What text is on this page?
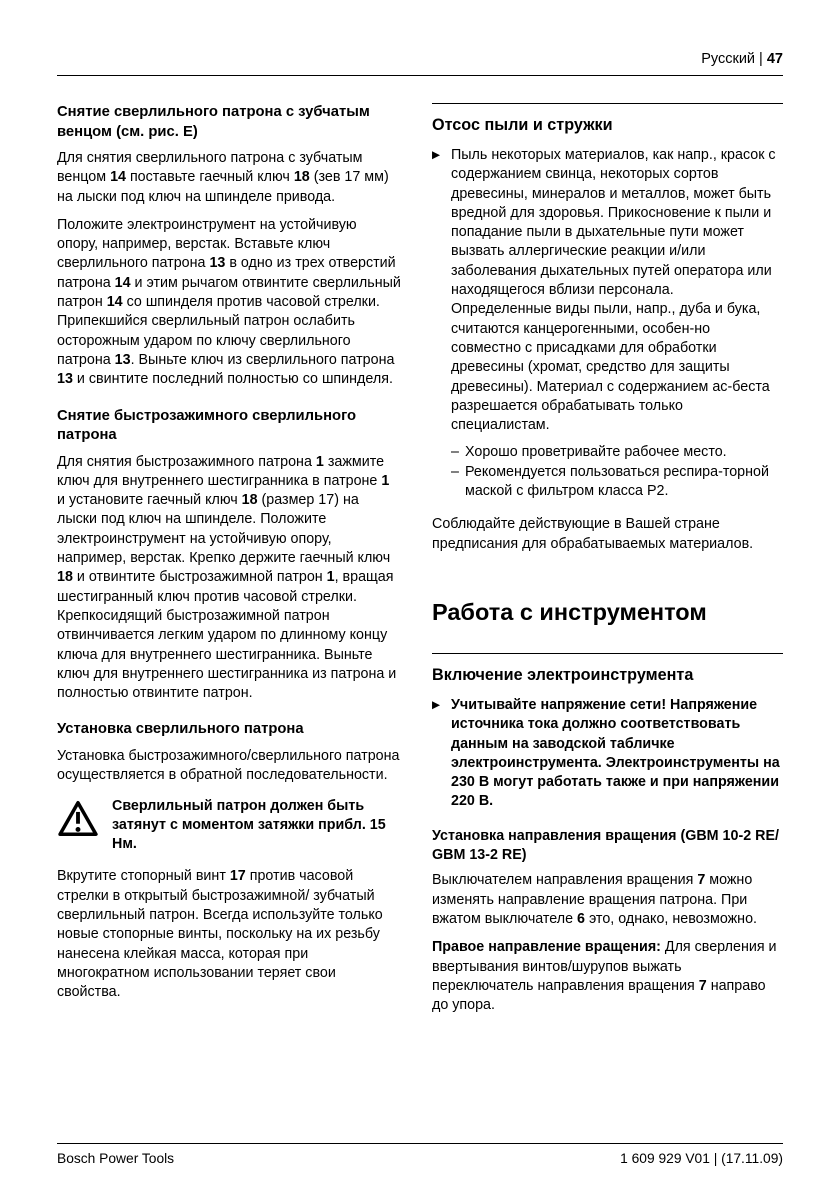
Русский | 47
Снятие сверлильного патрона с зубчатым венцом (см. рис. E)

Для снятия сверлильного патрона с зубчатым венцом 14 поставьте гаечный ключ 18 (зев 17 мм) на лыски под ключ на шпинделе привода.

Положите электроинструмент на устойчивую опору, например, верстак. Вставьте ключ сверлильного патрона 13 в одно из трех отверстий патрона 14 и этим рычагом отвинтите сверлильный патрон 14 со шпинделя против часовой стрелки. Припекшийся сверлильный патрон ослабить осторожным ударом по ключу сверлильного патрона 13. Выньте ключ из сверлильного патрона 13 и свинтите последний полностью со шпинделя.

Снятие быстрозажимного сверлильного патрона

Для снятия быстрозажимного патрона 1 зажмите ключ для внутреннего шестигранника в патроне 1 и установите гаечный ключ 18 (размер 17) на лыски под ключ на шпинделе. Положите электроинструмент на устойчивую опору, например, верстак. Крепко держите гаечный ключ 18 и отвинтите быстрозажимной патрон 1, вращая шестигранный ключ против часовой стрелки. Крепкосидящий быстрозажимной патрон отвинчивается легким ударом по длинному концу ключа для внутреннего шестигранника. Выньте ключ для внутреннего шестигранника из патрона и полностью отвинтите патрон.

Установка сверлильного патрона

Установка быстрозажимного/сверлильного патрона осуществляется в обратной последовательности.

Сверлильный патрон должен быть затянут с моментом затяжки прибл. 15 Нм.

Вкрутите стопорный винт 17 против часовой стрелки в открытый быстрозажимной/ зубчатый сверлильный патрон. Всегда используйте только новые стопорные винты, поскольку на их резьбу нанесена клейкая масса, которая при многократном использовании теряет свои свойства.

Отсос пыли и стружки
▶ Пыль некоторых материалов, как напр., красок с содержанием свинца, некоторых сортов древесины, минералов и металлов, может быть вредной для здоровья. Прикосновение к пыли и попадание пыли в дыхательные пути может вызвать аллергические реакции и/или заболевания дыхательных путей оператора или находящегося вблизи персонала.

Определенные виды пыли, напр., дуба и бука, считаются канцерогенными, особен-но совместно с присадками для обработки древесины (хромат, средство для защиты древесины). Материал с содержанием ас-беста разрешается обрабатывать только специалистам.

– Хорошо проветривайте рабочее место.
– Рекомендуется пользоваться респира-торной маской с фильтром класса P2.

Соблюдайте действующие в Вашей стране предписания для обрабатываемых материалов.

Работа с инструментом
Включение электроинструмента
▶ Учитывайте напряжение сети! Напряжение источника тока должно соответствовать данным на заводской табличке электроинструмента. Электроинструменты на 230 В могут работать также и при напряжении 220 В.

Установка направления вращения (GBM 10-2 RE/ GBM 13-2 RE)

Выключателем направления вращения 7 можно изменять направление вращения патрона. При вжатом выключателе 6 это, однако, невозможно.

Правое направление вращения: Для сверления и ввертывания винтов/шурупов выжать переключатель направления вращения 7 направо до упора.

Bosch Power Tools	1 609 929 V01 | (17.11.09)
